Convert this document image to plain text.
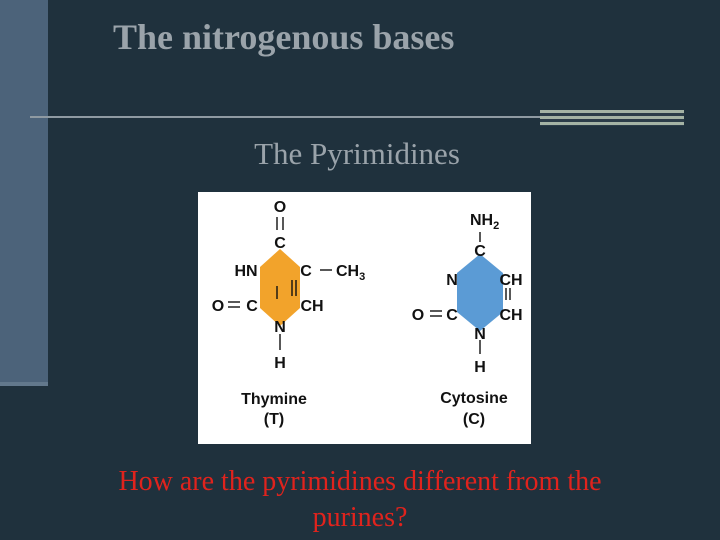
The nitrogenous bases
The Pyrimidines
O
C
HN	C $CH_3$
O C	CH
N
H
Thymine
(T)
$NH_2$
C
N	CH
O C	CH
N
H
Cytosine
(C)
How are the pyrimidines different from the
purines?
